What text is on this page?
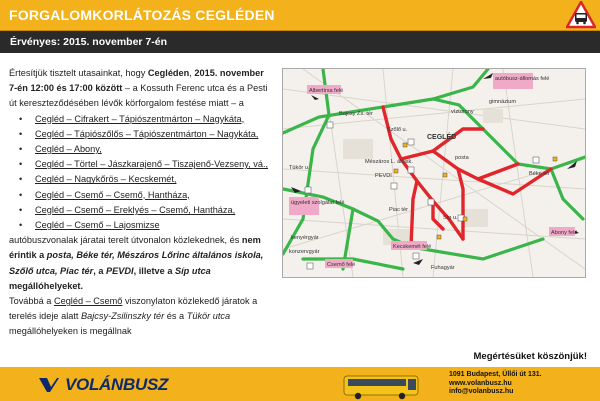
FORGALOMKORLÁTOZÁS CEGLÉDEN
Érvényes: 2015. november 7-én

Értesítjük tisztelt utasainkat, hogy Cegléden, 2015. november 7-én 12:00 és 17:00 között – a Kossuth Ferenc utca és a Pesti út kereszteződésében lévők körforgalom festése miatt – a

• Cegléd – Cifrakert – Tápiószentmárton – Nagykáta,
• Cegléd – Tápiószőlős – Tápiószentmárton – Nagykáta,
• Cegléd – Abony,
• Cegléd – Törtel – Jászkarajenő – Tiszajenő-Vezseny, vá.,
• Cegléd – Nagykőrös – Kecskemét,
• Cegléd – Csemő – Csemő, Hantháza,
• Cegléd – Csemő – Ereklyés – Csemő, Hantháza,
• Cegléd – Csemő – Lajosmizse

autóbuszvonalak járatai terelt útvonalon közlekednek, és nem érintik a posta, Béke tér, Mészáros Lőrinc általános iskola, Szőlő utca, Piac tér, a PEVDI, illetve a Síp utca megállóhelyeket.

Továbbá a Cegléd – Csemő viszonylaton közlekedő járatok a terelés ideje alatt Bajcsy-Zsilinszky tér és a Tükör utca megállóhelyeken is megállnak

Albertirsa felé
autóbusz-állomás felé
gimnázium
Bajcsy Zs. tér
Szőlő u.
víztorony
Mészáros L. ált.isk.
posta
CEGLÉD
Béke tér
Tükör u.
ügyeleti szolgálat felé
PEVDI
Piac tér
Síp u.
Kecskemét felé
kenyérgyár
konzervgyár
Csemő felé	Fuhagyár
Abony felé
Megértésüket köszönjük!
VOLÁNBUSZ
1091 Budapest, Üllői út 131.
www.volanbusz.hu
info@volanbusz.hu
